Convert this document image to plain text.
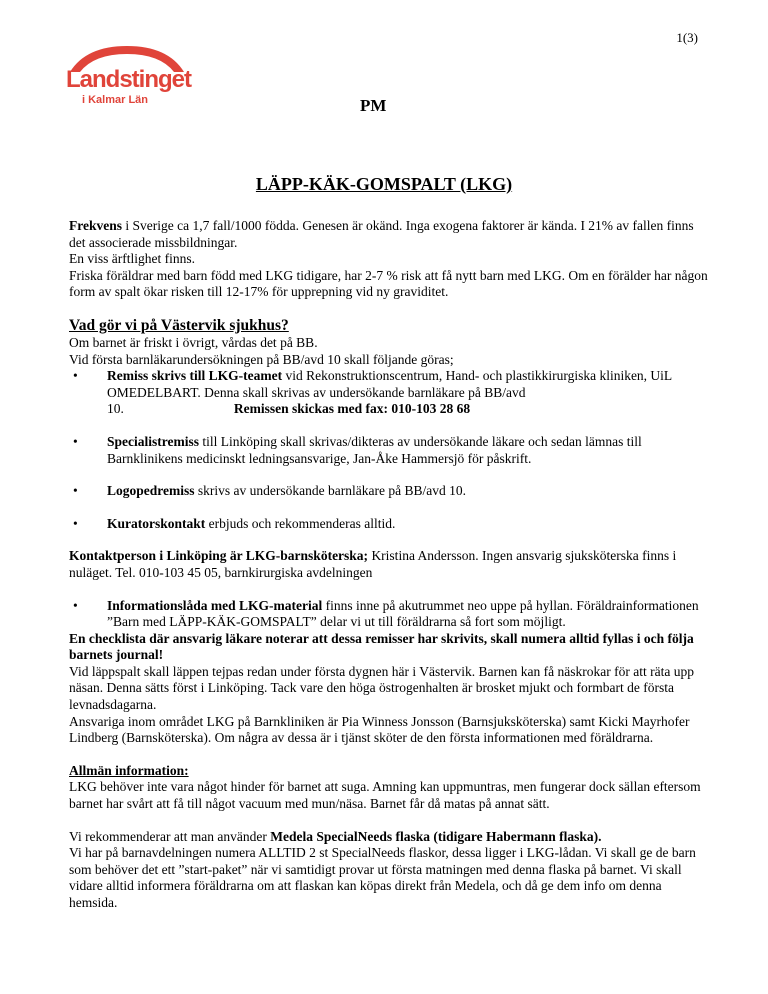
1(3)
Landstinget
i Kalmar Län	PM
LÄPP-KÄK-GOMSPALT (LKG)

Frekvens i Sverige ca 1,7 fall/1000 födda. Genesen är okänd. Inga exogena faktorer är kända. I 21% av fallen finns det associerade missbildningar.

En viss ärftlighet finns.

Friska föräldrar med barn född med LKG tidigare, har 2-7 % risk att få nytt barn med LKG. Om en förälder har någon form av spalt ökar risken till 12-17% för upprepning vid ny graviditet.

Vad gör vi på Västervik sjukhus?

Om barnet är friskt i övrigt, vårdas det på BB.

Vid första barnläkarundersökningen på BB/avd 10 skall följande göras;

• Remiss skrivs till LKG-teamet vid Rekonstruktionscentrum, Hand- och plastikkirurgiska kliniken, UiL OMEDELBART. Denna skall skrivas av undersökande barnläkare på BB/avd 10.	Remissen skickas med fax: 010-103 28 68
• Specialistremiss till Linköping skall skrivas/dikteras av undersökande läkare och sedan lämnas till Barnklinikens medicinskt ledningsansvarige, Jan-Åke Hammersjö för påskrift.
• Logopedremiss skrivs av undersökande barnläkare på BB/avd 10.
• Kuratorskontakt erbjuds och rekommenderas alltid.

Kontaktperson i Linköping är LKG-barnsköterska; Kristina Andersson. Ingen ansvarig sjuksköterska finns i nuläget. Tel. 010-103 45 05, barnkirurgiska avdelningen

• Informationslåda med LKG-material finns inne på akutrummet neo uppe på hyllan. Föräldrainformationen ”Barn med LÄPP-KÄK-GOMSPALT” delar vi ut till föräldrarna så fort som möjligt.

En checklista där ansvarig läkare noterar att dessa remisser har skrivits, skall numera alltid fyllas i och följa barnets journal!

Vid läppspalt skall läppen tejpas redan under första dygnen här i Västervik. Barnen kan få näskrokar för att räta upp näsan. Denna sätts först i Linköping. Tack vare den höga östrogenhalten är brosket mjukt och formbart de första levnadsdagarna.

Ansvariga inom området LKG på Barnkliniken är Pia Winness Jonsson (Barnsjuksköterska) samt Kicki Mayrhofer Lindberg (Barnsköterska). Om några av dessa är i tjänst sköter de den första informationen med föräldrarna.

Allmän information:

LKG behöver inte vara något hinder för barnet att suga. Amning kan uppmuntras, men fungerar dock sällan eftersom barnet har svårt att få till något vacuum med mun/näsa. Barnet får då matas på annat sätt.

Vi rekommenderar att man använder Medela SpecialNeeds flaska (tidigare Habermann flaska).

Vi har på barnavdelningen numera ALLTID 2 st SpecialNeeds flaskor, dessa ligger i LKG-lådan. Vi skall ge de barn som behöver det ett ”start-paket” när vi samtidigt provar ut första matningen med denna flaska på barnet. Vi skall vidare alltid informera föräldrarna om att flaskan kan köpas direkt från Medela, och då ge dem info om denna hemsida.
